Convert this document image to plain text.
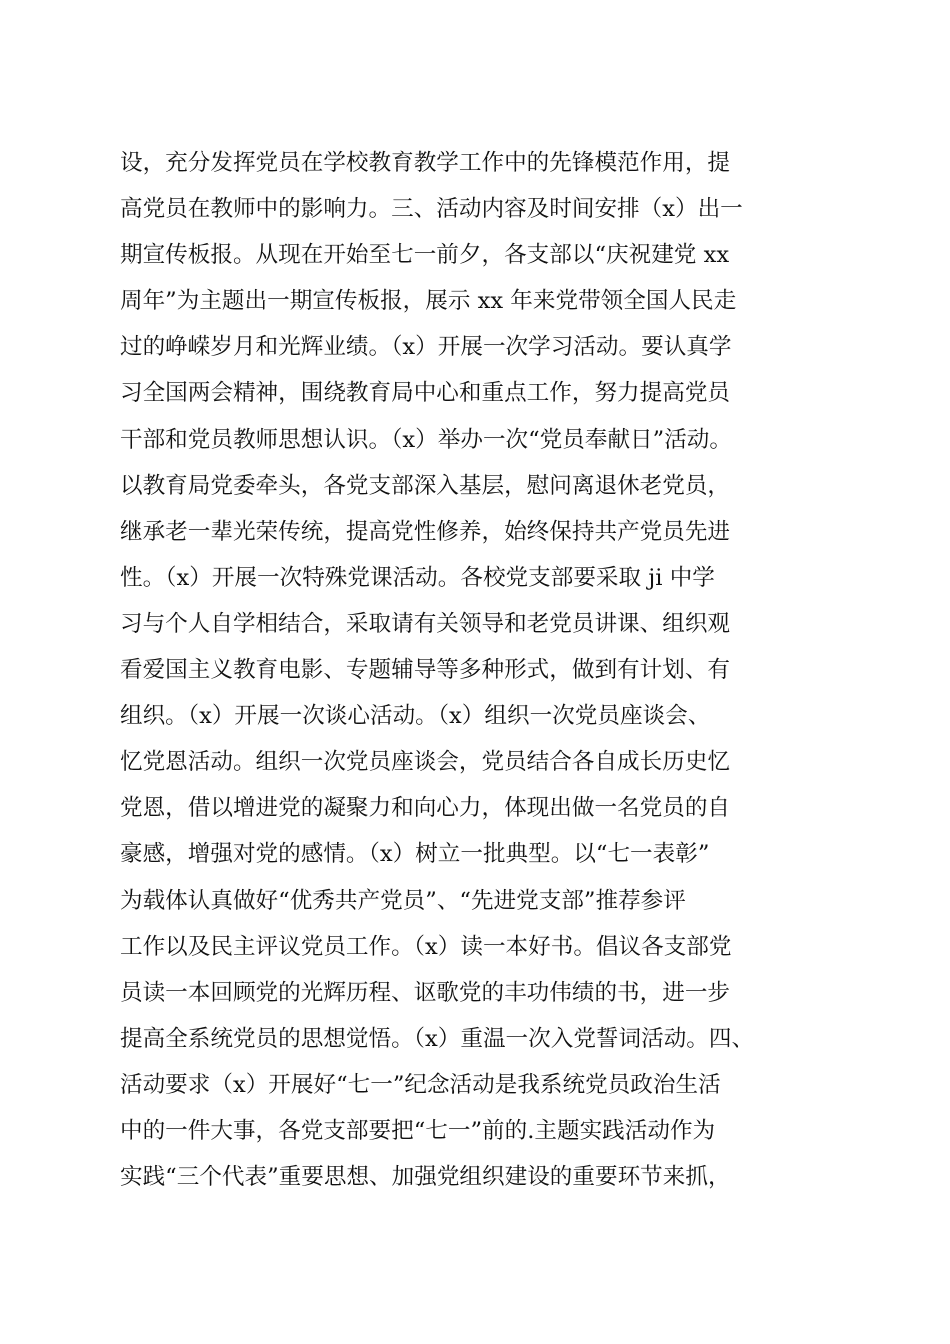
设，充分发挥党员在学校教育教学工作中的先锋模范作用，提
高党员在教师中的影响力。三、活动内容及时间安排（x）出一
期宣传板报。从现在开始至七一前夕，各支部以“庆祝建党 xx
周年”为主题出一期宣传板报，展示 xx 年来党带领全国人民走
过的峥嵘岁月和光辉业绩。（x）开展一次学习活动。要认真学
习全国两会精神，围绕教育局中心和重点工作，努力提高党员
干部和党员教师思想认识。（x）举办一次“党员奉献日”活动。
以教育局党委牵头，各党支部深入基层，慰问离退休老党员，
继承老一辈光荣传统，提高党性修养，始终保持共产党员先进
性。（x）开展一次特殊党课活动。各校党支部要采取 ji 中学
习与个人自学相结合，采取请有关领导和老党员讲课、组织观
看爱国主义教育电影、专题辅导等多种形式，做到有计划、有
组织。（x）开展一次谈心活动。（x）组织一次党员座谈会、
忆党恩活动。组织一次党员座谈会，党员结合各自成长历史忆
党恩，借以增进党的凝聚力和向心力，体现出做一名党员的自
豪感，增强对党的感情。（x）树立一批典型。以“七一表彰”
为载体认真做好“优秀共产党员”、“先进党支部”推荐参评
工作以及民主评议党员工作。（x）读一本好书。倡议各支部党
员读一本回顾党的光辉历程、讴歌党的丰功伟绩的书，进一步
提高全系统党员的思想觉悟。（x）重温一次入党誓词活动。四、
活动要求（x）开展好“七一”纪念活动是我系统党员政治生活
中的一件大事，各党支部要把“七一”前的.主题实践活动作为
实践“三个代表”重要思想、加强党组织建设的重要环节来抓，
